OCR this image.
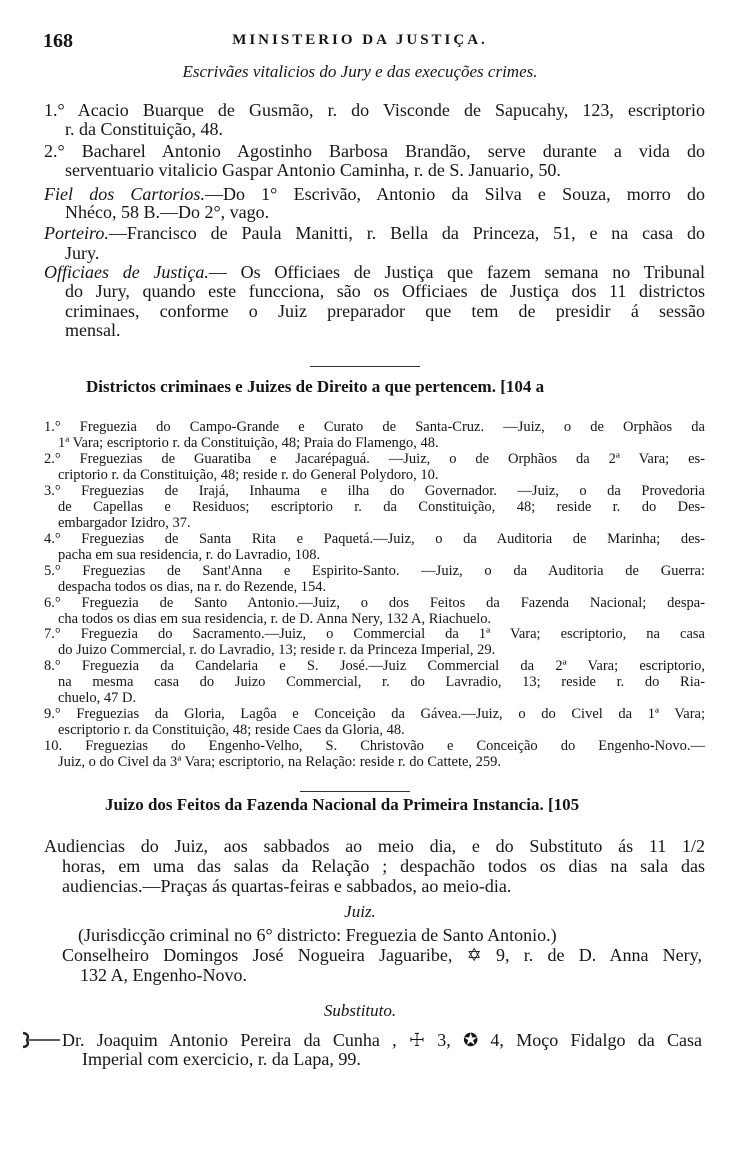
168	MINISTERIO DA JUSTIÇA.
Escrivães vitalicios do Jury e das execuções crimes.
1.° Acacio Buarque de Gusmão, r. do Visconde de Sapucahy, 123, escriptorio
r. da Constituição, 48.
2.° Bacharel Antonio Agostinho Barbosa Brandão, serve durante a vida do
serventuario vitalicio Gaspar Antonio Caminha, r. de S. Januario, 50.
Fiel dos Cartorios.—Do 1° Escrivão, Antonio da Silva e Souza, morro do
Nhéco, 58 B.—Do 2°, vago.
Porteiro.—Francisco de Paula Manitti, r. Bella da Princeza, 51, e na casa do
Jury.
Officiaes de Justiça.— Os Officiaes de Justiça que fazem semana no Tribunal
do Jury, quando este funcciona, são os Officiaes de Justiça dos 11 districtos
criminaes, conforme o Juiz preparador que tem de presidir á sessão
mensal.
Districtos criminaes e Juizes de Direito a que pertencem. [104 a
1.° Freguezia do Campo-Grande e Curato de Santa-Cruz. —Juiz, o de Orphãos da
1ª Vara; escriptorio r. da Constituição, 48; Praia do Flamengo, 48.
2.° Freguezias de Guaratiba e Jacarépaguá. —Juiz, o de Orphãos da 2ª Vara; es-
criptorio r. da Constituição, 48; reside r. do General Polydoro, 10.
3.° Freguezias de Irajá, Inhauma e ilha do Governador. —Juiz, o da Provedoria
de Capellas e Residuos; escriptorio r. da Constituição, 48; reside r. do Des-
embargador Izidro, 37.
4.° Freguezias de Santa Rita e Paquetá.—Juiz, o da Auditoria de Marinha; des-
pacha em sua residencia, r. do Lavradio, 108.
5.° Freguezias de Sant'Anna e Espirito-Santo. —Juiz, o da Auditoria de Guerra:
despacha todos os dias, na r. do Rezende, 154.
6.° Freguezia de Santo Antonio.—Juiz, o dos Feitos da Fazenda Nacional; despa-
cha todos os dias em sua residencia, r. de D. Anna Nery, 132 A, Riachuelo.
7.° Freguezia do Sacramento.—Juiz, o Commercial da 1ª Vara; escriptorio, na casa
do Juizo Commercial, r. do Lavradio, 13; reside r. da Princeza Imperial, 29.
8.° Freguezia da Candelaria e S. José.—Juiz Commercial da 2ª Vara; escriptorio,
na mesma casa do Juizo Commercial, r. do Lavradio, 13; reside r. do Ria-
chuelo, 47 D.
9.° Freguezias da Gloria, Lagôa e Conceição da Gávea.—Juiz, o do Civel da 1ª Vara;
escriptorio r. da Constituição, 48; reside Caes da Gloria, 48.
10. Freguezias do Engenho-Velho, S. Christovão e Conceição do Engenho-Novo.—
Juiz, o do Civel da 3ª Vara; escriptorio, na Relação: reside r. do Cattete, 259.
Juizo dos Feitos da Fazenda Nacional da Primeira Instancia. [105
Audiencias do Juiz, aos sabbados ao meio dia, e do Substituto ás 11 1/2
horas, em uma das salas da Relação ; despachão todos os dias na sala das
audiencias.—Praças ás quartas-feiras e sabbados, ao meio-dia.
Juiz.
(Jurisdicção criminal no 6° districto: Freguezia de Santo Antonio.)
Conselheiro Domingos José Nogueira Jaguaribe, ✡ 9, r. de D. Anna Nery,
132 A, Engenho-Novo.
Substituto.
Dr. Joaquim Antonio Pereira da Cunha , ☩ 3, ✪ 4, Moço Fidalgo da Casa
Imperial com exercicio, r. da Lapa, 99.
